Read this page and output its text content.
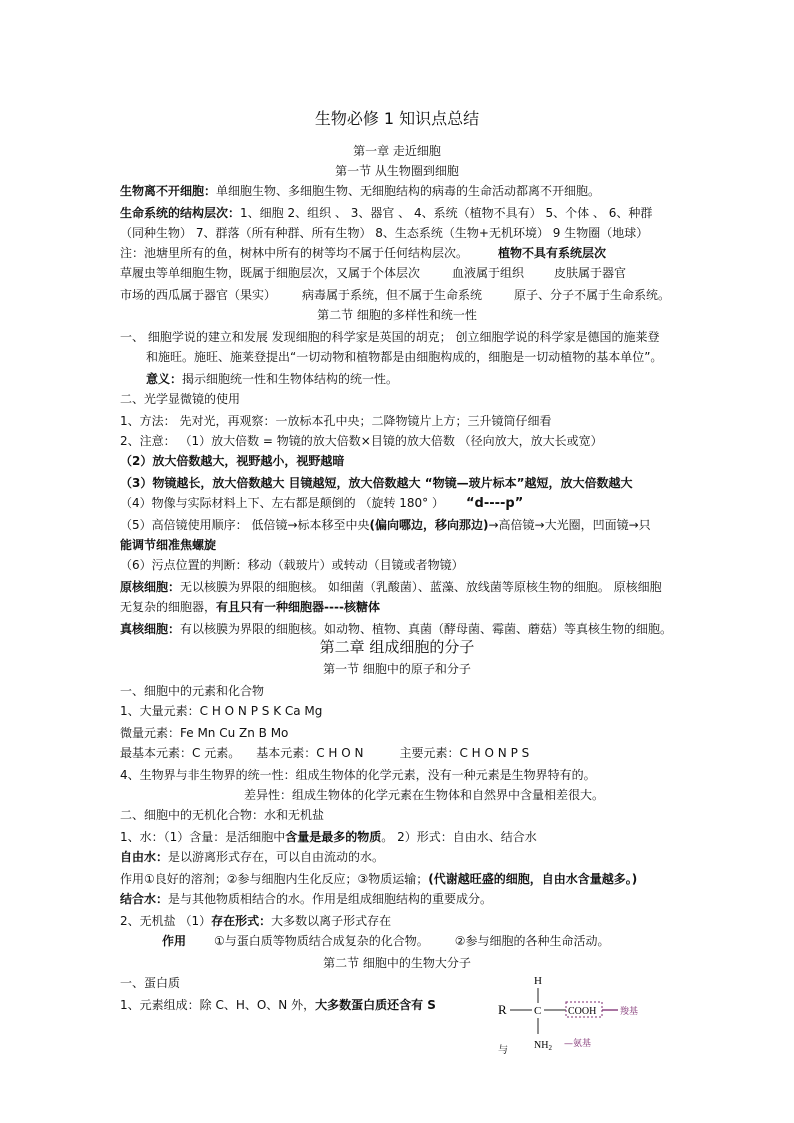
生物必修 1 知识点总结
第一章 走近细胞
第一节 从生物圈到细胞
生物离不开细胞：单细胞生物、多细胞生物、无细胞结构的病毒的生命活动都离不开细胞。
生命系统的结构层次：1、细胞 2、组织 、 3、器官 、 4、系统（植物不具有） 5、个体 、 6、种群
（同种生物） 7、群落（所有种群、所有生物） 8、生态系统（生物+无机环境） 9 生物圈（地球）
注：池塘里所有的鱼，树林中所有的树等均不属于任何结构层次。	植物不具有系统层次
草履虫等单细胞生物，既属于细胞层次，又属于个体层次	血液属于组织	皮肤属于器官
市场的西瓜属于器官（果实） 病毒属于系统，但不属于生命系统	原子、分子不属于生命系统。
第二节 细胞的多样性和统一性
一、 细胞学说的建立和发展 发现细胞的科学家是英国的胡克； 创立细胞学说的科学家是德国的施莱登
和施旺。施旺、施莱登提出“一切动物和植物都是由细胞构成的，细胞是一切动植物的基本单位”。
意义：揭示细胞统一性和生物体结构的统一性。
二、光学显微镜的使用
1、方法： 先对光，再观察：一放标本孔中央；二降物镜片上方；三升镜筒仔细看
2、注意： （1）放大倍数 = 物镜的放大倍数×目镜的放大倍数 （径向放大，放大长或宽）
（2）放大倍数越大，视野越小，视野越暗
（3）物镜越长，放大倍数越大 目镜越短，放大倍数越大 “物镜—玻片标本”越短，放大倍数越大
（4）物像与实际材料上下、左右都是颠倒的 （旋转 180° ） “d----p”
（5）高倍镜使用顺序： 低倍镜→标本移至中央(偏向哪边，移向那边)→高倍镜→大光圈，凹面镜→只
能调节细准焦螺旋
（6）污点位置的判断：移动（载玻片）或转动（目镜或者物镜）
原核细胞：无以核膜为界限的细胞核。 如细菌（乳酸菌）、蓝藻、放线菌等原核生物的细胞。 原核细胞
无复杂的细胞器，有且只有一种细胞器----核糖体
真核细胞：有以核膜为界限的细胞核。如动物、植物、真菌（酵母菌、霉菌、蘑菇）等真核生物的细胞。
第二章 组成细胞的分子
第一节 细胞中的原子和分子
一、细胞中的元素和化合物
1、大量元素：C H O N P S K Ca Mg
微量元素：Fe Mn Cu Zn B Mo
最基本元素：C 元素。 基本元素：C H O N	主要元素：C H O N P S
4、生物界与非生物界的统一性：组成生物体的化学元素，没有一种元素是生物界特有的。
差异性：组成生物体的化学元素在生物体和自然界中含量相差很大。
二、细胞中的无机化合物：水和无机盐
1、水：（1）含量：是活细胞中含量是最多的物质。 2）形式：自由水、结合水
自由水：是以游离形式存在，可以自由流动的水。
作用①良好的溶剂；②参与细胞内生化反应；③物质运输；(代谢越旺盛的细胞，自由水含量越多。)
结合水：是与其他物质相结合的水。作用是组成细胞结构的重要成分。
2、无机盐 （1）存在形式：大多数以离子形式存在
作用 ①与蛋白质等物质结合成复杂的化合物。 ②参与细胞的各种生命活动。
第二节 细胞中的生物大分子
一、蛋白质
1、元素组成：除 C、H、O、N 外，大多数蛋白质还含有 S
与
H
R C	COOH	羧基
$NH_2$ —氨基
